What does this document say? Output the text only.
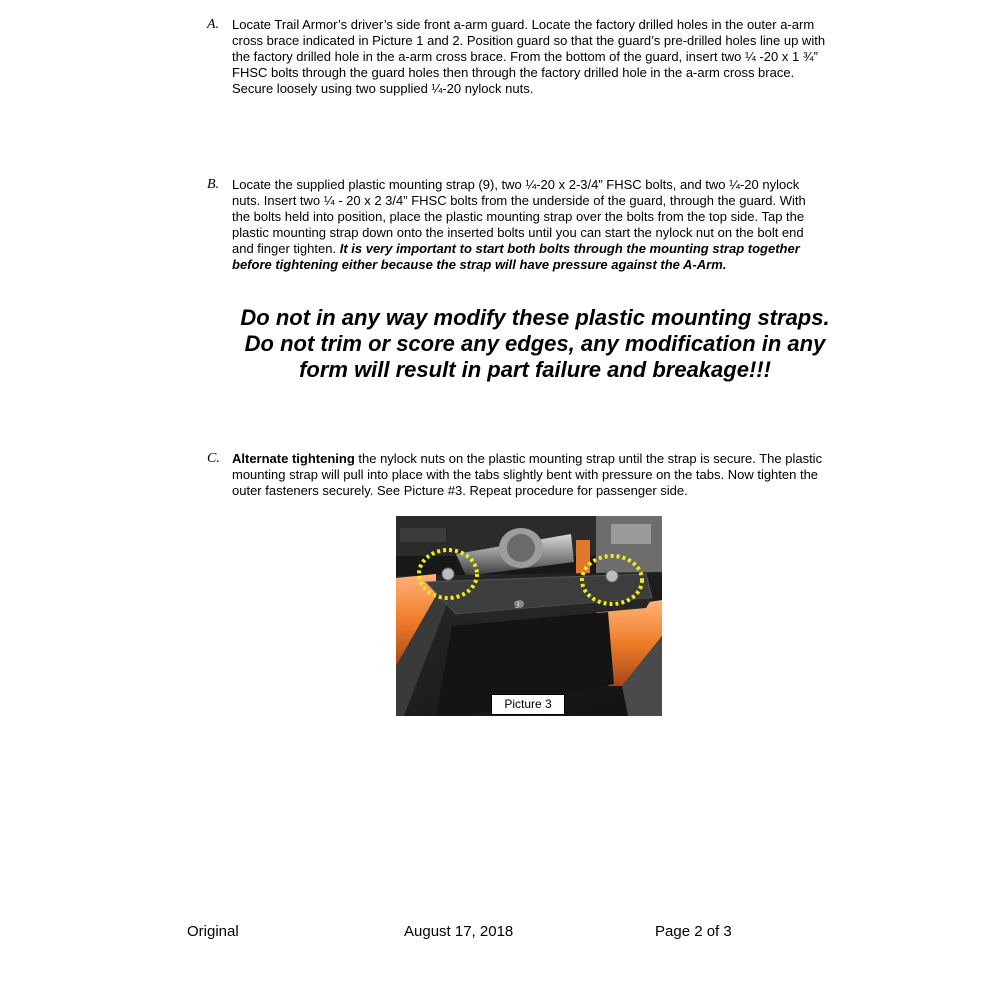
A. Locate Trail Armor’s driver’s side front a-arm guard. Locate the factory drilled holes in the outer a-arm cross brace indicated in Picture 1 and 2. Position guard so that the guard’s pre-drilled holes line up with the factory drilled hole in the a-arm cross brace. From the bottom of the guard, insert two ¼ -20 x 1 ¾” FHSC bolts through the guard holes then through the factory drilled hole in the a-arm cross brace. Secure loosely using two supplied ¼-20 nylock nuts.
B. Locate the supplied plastic mounting strap (9), two ¼-20 x 2-3/4” FHSC bolts, and two ¼-20 nylock nuts. Insert two ¼ - 20 x 2 3/4” FHSC bolts from the underside of the guard, through the guard. With the bolts held into position, place the plastic mounting strap over the bolts from the top side. Tap the plastic mounting strap down onto the inserted bolts until you can start the nylock nut on the bolt end and finger tighten. It is very important to start both bolts through the mounting strap together before tightening either because the strap will have pressure against the A-Arm.
Do not in any way modify these plastic mounting straps. Do not trim or score any edges, any modification in any form will result in part failure and breakage!!!
C. Alternate tightening the nylock nuts on the plastic mounting strap until the strap is secure. The plastic mounting strap will pull into place with the tabs slightly bent with pressure on the tabs. Now tighten the outer fasteners securely. See Picture #3. Repeat procedure for passenger side.
9
Picture 3
Original	August 17, 2018	Page 2 of 3
